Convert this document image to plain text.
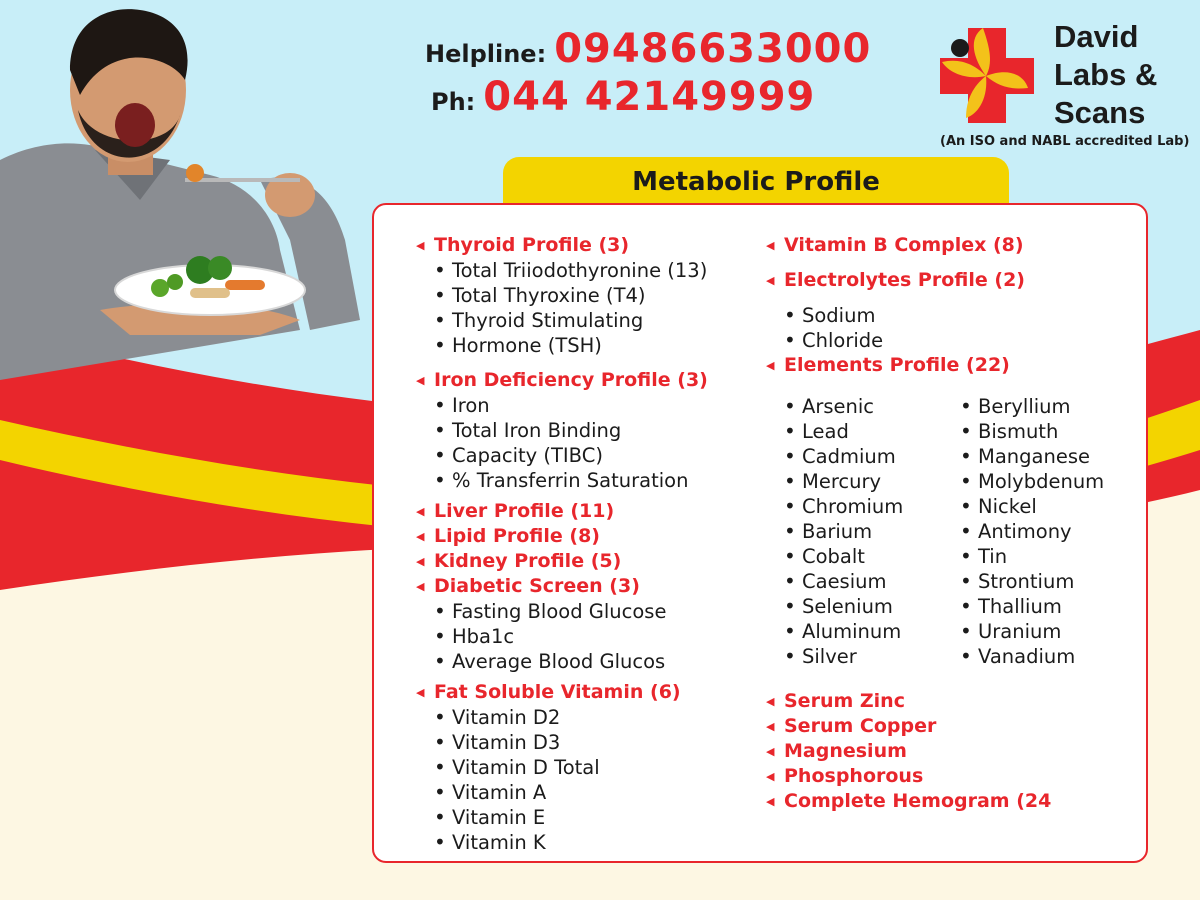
Helpline: 09486633000
Ph: 044 42149999
David
Labs &
Scans
(An ISO and NABL accredited Lab)
Metabolic Profile
◀ Thyroid Profile (3)
• Total Triiodothyronine (13)
• Total Thyroxine (T4)
• Thyroid Stimulating
• Hormone (TSH)
◀ Iron Deficiency Profile (3)
• Iron
• Total Iron Binding
• Capacity (TIBC)
• % Transferrin Saturation
◀ Liver Profile (11)
◀ Lipid Profile (8)
◀ Kidney Profile (5)
◀ Diabetic Screen (3)
• Fasting Blood Glucose
• Hba1c
• Average Blood Glucos
◀ Fat Soluble Vitamin (6)
• Vitamin D2
• Vitamin D3
• Vitamin D Total
• Vitamin A
• Vitamin E
• Vitamin K
◀ Vitamin B Complex (8)
◀ Electrolytes Profile (2)
• Sodium
• Chloride
◀ Elements Profile (22)
• Arsenic
• Lead
• Cadmium
• Mercury
• Chromium
• Barium
• Cobalt
• Caesium
• Selenium
• Aluminum
• Silver
• Beryllium
• Bismuth
• Manganese
• Molybdenum
• Nickel
• Antimony
• Tin
• Strontium
• Thallium
• Uranium
• Vanadium
◀ Serum Zinc
◀ Serum Copper
◀ Magnesium
◀ Phosphorous
◀ Complete Hemogram (24
